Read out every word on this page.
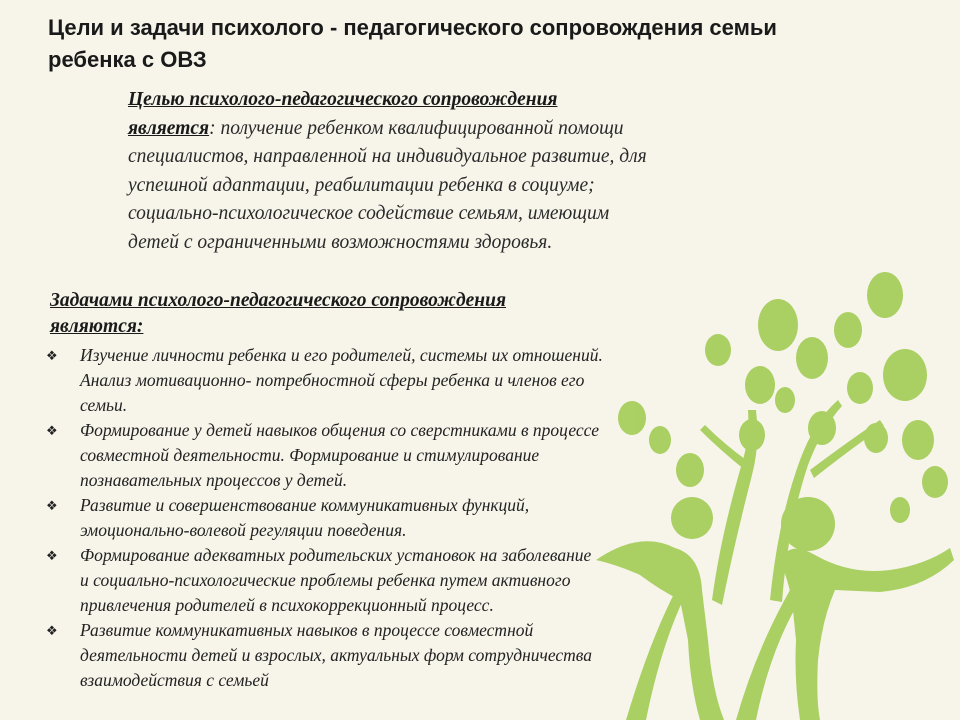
Цели и задачи психолого - педагогического сопровождения семьи
ребенка с ОВЗ
Целью психолого-педагогического сопровождения
является: получение ребенком квалифицированной помощи
специалистов, направленной на индивидуальное развитие, для
успешной адаптации, реабилитации ребенка в социуме;
социально-психологическое содействие семьям, имеющим
детей с ограниченными возможностями здоровья.
Задачами психолого-педагогического сопровождения
являются:
❖ Изучение личности ребенка и его родителей, системы их отношений.
Анализ мотивационно- потребностной сферы ребенка и членов его
семьи.
❖ Формирование у детей навыков общения со сверстниками в процессе
совместной деятельности. Формирование и стимулирование
познавательных процессов у детей.
❖ Развитие и совершенствование коммуникативных функций,
эмоционально-волевой регуляции поведения.
❖ Формирование адекватных родительских установок на заболевание
и социально-психологические проблемы ребенка путем активного
привлечения родителей в психокоррекционный процесс.
❖ Развитие коммуникативных навыков в процессе совместной
деятельности детей и взрослых, актуальных форм сотрудничества
взаимодействия с семьей
